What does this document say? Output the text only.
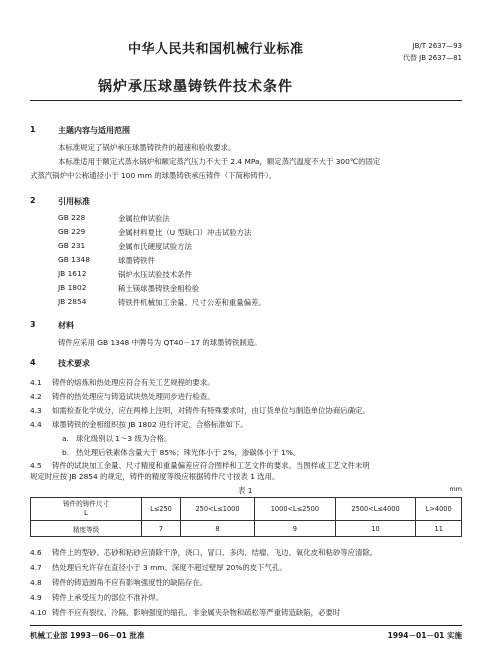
中华人民共和国机械行业标准	JB/T 2637—93
代替 JB 2637—81
锅炉承压球墨铸铁件技术条件
1	主题内容与适用范围
本标准规定了锅炉承压球墨铸铁件的超速和验收要求。
本标准适用于额定式蒸水锅炉和额定蒸汽压力不大于 2.4 MPa，额定蒸汽温度不大于 300℃的固定
式蒸汽锅炉中公称通径小于 100 mm 的球墨铸铁承压铸件（下简称铸件）。
2	引用标准
GB 228	金属拉伸试验法
GB 229	金属材料夏比（U 型缺口）冲击试验方法
GB 231	金属布氏硬度试验方法
GB 1348	球墨铸铁件
JB 1612	锅炉水压试验技术条件
JB 1802	稀土镁球墨铸铁金相检验
JB 2854	铸铁件机械加工余量、尺寸公差和重量偏差。
3	材料
铸件应采用 GB 1348 中牌号为 QT40－17 的球墨铸铁制造。
4	技术要求
4.1 铸件的熔炼和热处理应符合有关工艺规程的要求。
4.2 铸件的热处理应与铸造试块热处理同步进行检查。
4.3 如需检查化学成分，应在两棒上注明，对铸件有特殊要求时，由订货单位与制造单位协商后确定。
4.4 球墨铸铁的金相组织按 JB 1802 进行评定，合格标准如下。
a. 球化级别以 1～3 级为合格。
b. 热处理后铁素体含量大于 85%；珠光体小于 2%，渗碳体小于 1%。
4.5 铸件的试块加工余量、尺寸精度和重量偏差应符合图样和工艺文件的要求。当图样或工艺文件未明
规定时应按 JB 2854 的规定，铸件的精度等级应根据铸件尺寸按表 1 选用。
表 1	mm
铸件的铸件尺寸
L	L≤250	250<L≤1000	1000<L≤2500	2500<L≤4000	L>4000
精度等级	7	8	9	10	11
4.6 铸件上的型砂、芯砂和粘砂应清除干净，浇口、冒口、多肉、结瘤、飞边、氧化皮和粘砂等应清除。
4.7 热处理后允许存在直径小于 3 mm、深度不超过壁厚 20%的皮下气孔。
4.8 铸件的铸造圆角不应有影响强度性的缺陷存在。
4.9 铸件上承受压力的部位不准补焊。
4.10 铸件不应有裂纹、冷隔、影响强度的缩孔、非金属夹杂物和疏松等严重铸造缺陷，必要时
机械工业部 1993－06－01 批准	1994－01－01 实施
